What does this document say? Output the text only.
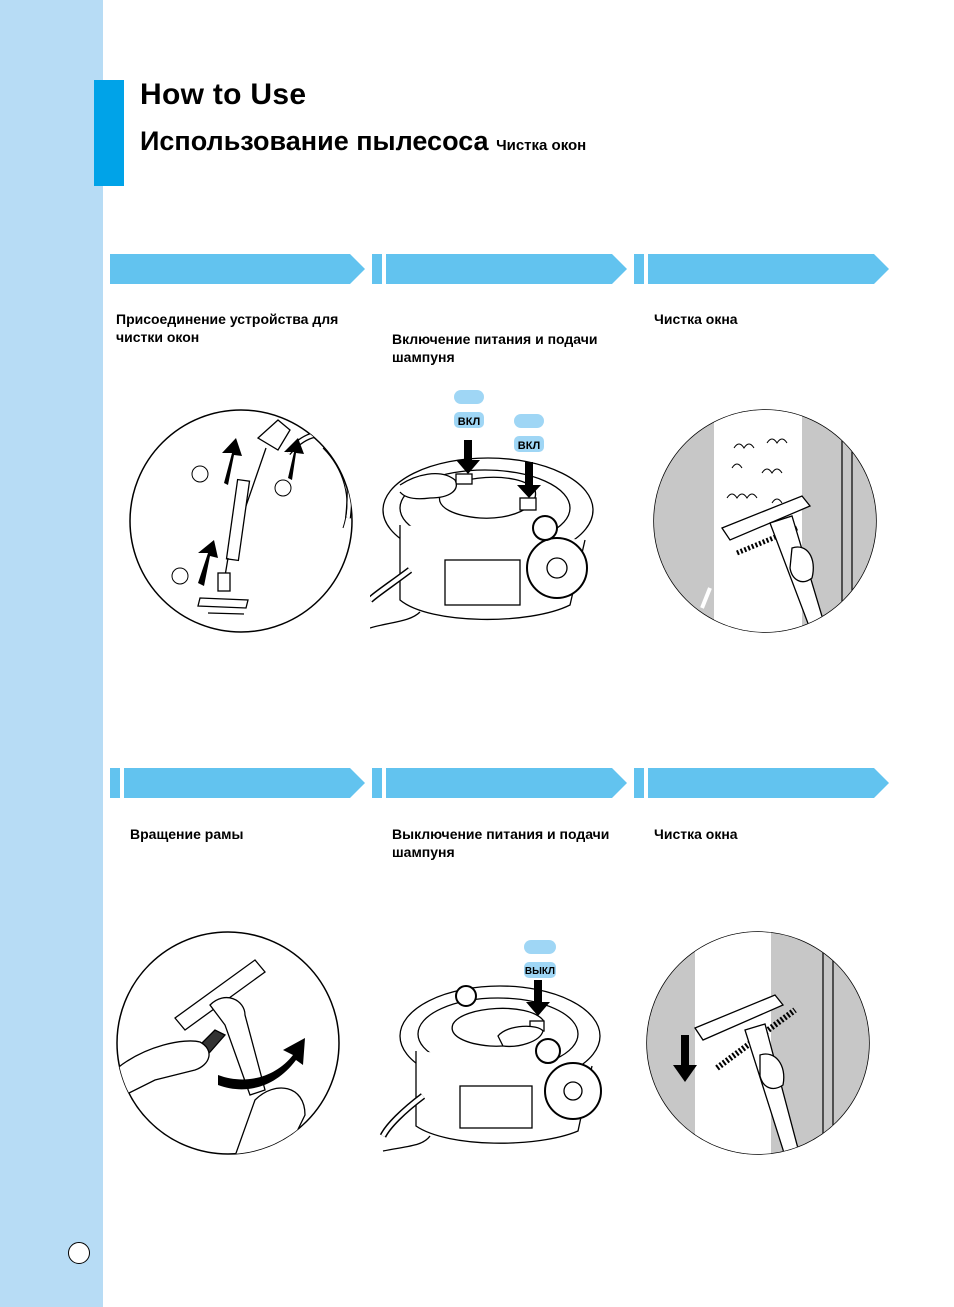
How to Use
Использование пылесоса Чистка окон
Присоединение устройства для чистки окон	Включение питания и подачи шампуня
Чистка окна
Вращение рамы	Выключение питания и подачи шампуня
Чистка окна
ВКЛ
ВКЛ
ВЫКЛ
